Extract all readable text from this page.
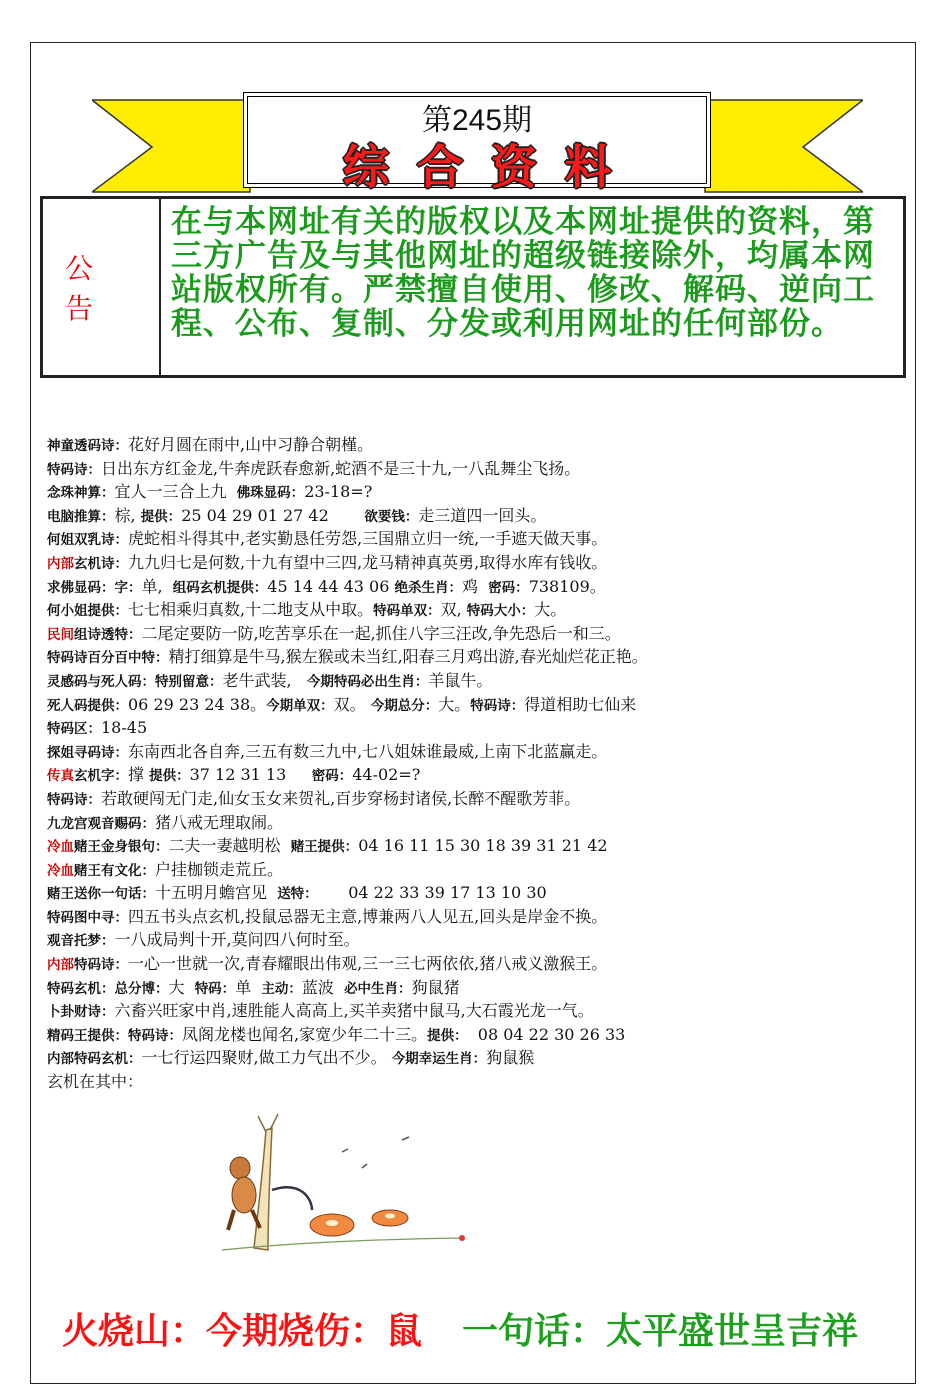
第245期
综合资料
公告
在与本网址有关的版权以及本网址提供的资料，第三方广告及与其他网址的超级链接除外，均属本网站版权所有。严禁擅自使用、修改、解码、逆向工程、公布、复制、分发或利用网址的任何部份。
神童透码诗：花好月圆在雨中,山中习静合朝槿。
特码诗：日出东方红金龙,牛奔虎跃春愈新,蛇酒不是三十九,一八乱舞尘飞扬。
念珠神算：宜人一三合上九  佛珠显码：23-18=?
电脑推算：棕, 提供：25 04 29 01 27 42       欲要钱：走三道四一回头。
何姐双乳诗：虎蛇相斗得其中,老实勤恳任劳怨,三国鼎立归一统,一手遮天做天事。
内部玄机诗：九九归七是何数,十九有望中三四,龙马精神真英勇,取得水库有钱收。
求佛显码：字：单,  组码玄机提供：45 14 44 43 06 绝杀生肖：鸡  密码：738109。
何小姐提供：七七相乘归真数,十二地支从中取。特码单双：双, 特码大小：大。
民间组诗透特：二尾定要防一防,吃苦享乐在一起,抓住八字三汪改,争先恐后一和三。
特码诗百分百中特：精打细算是牛马,猴左猴或未当红,阳春三月鸡出游,春光灿烂花正艳。
灵感码与死人码：特别留意：老牛武装,   今期特码必出生肖：羊鼠牛。
死人码提供：06 29 23 24 38。今期单双：双。 今期总分：大。特码诗：得道相助七仙来
特码区：18-45
探姐寻码诗：东南西北各自奔,三五有数三九中,七八姐妹谁最威,上南下北蓝赢走。
传真玄机字：撑 提供：37 12 31 13     密码：44-02=?
特码诗：若敢硬闯无门走,仙女玉女来贺礼,百步穿杨封诸侯,长醉不醒歌芳菲。
九龙宫观音赐码：猪八戒无理取闹。
冷血赌王金身银句：二夫一妻越明松  赌王提供：04 16 11 15 30 18 39 31 21 42
冷血赌王有文化：户挂枷锁走荒丘。
赌王送你一句话：十五明月蟾宫见  送特：      04 22 33 39 17 13 10 30
特码图中寻：四五书头点玄机,投鼠忌器无主意,博兼两八人见五,回头是岸金不换。
观音托梦：一八成局判十开,莫问四八何时至。
内部特码诗：一心一世就一次,青春耀眼出伟观,三一三七两依依,猪八戒义激猴王。
特码玄机：总分博：大  特码：单  主动：蓝波  必中生肖：狗鼠猪
卜卦财诗：六畜兴旺家中肖,速胜能人高高上,买羊卖猪中鼠马,大石霞光龙一气。
精码王提供：特码诗：凤阁龙楼也闻名,家宽少年二十三。提供：  08 04 22 30 26 33
内部特码玄机：一七行运四聚财,做工力气出不少。 今期幸运生肖：狗鼠猴
玄机在其中：
火烧山：今期烧伤：鼠 一句话：太平盛世呈吉祥
